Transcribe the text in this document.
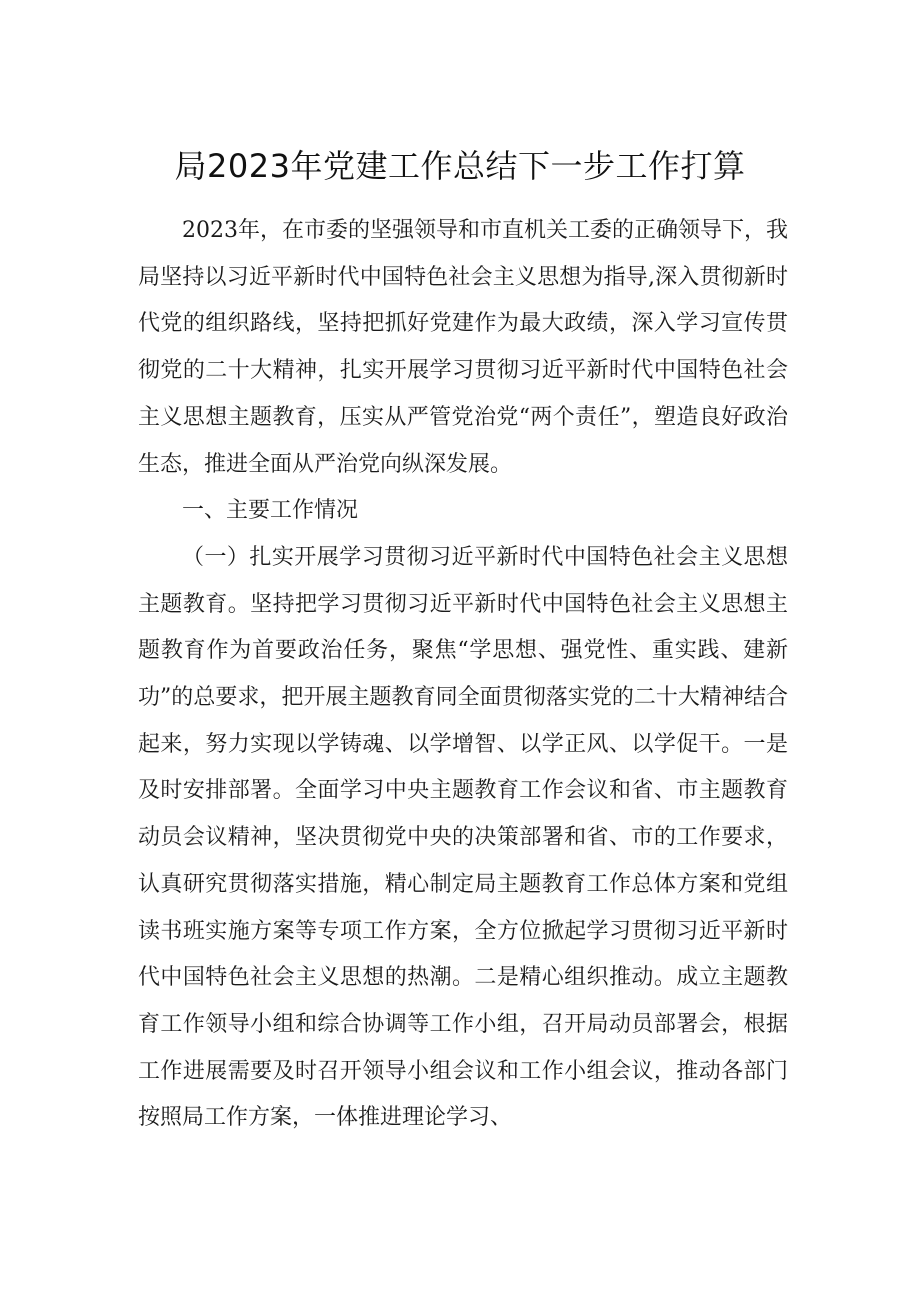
局2023年党建工作总结下一步工作打算

2023年，在市委的坚强领导和市直机关工委的正确领导下，我局坚持以习近平新时代中国特色社会主义思想为指导,深入贯彻新时代党的组织路线，坚持把抓好党建作为最大政绩，深入学习宣传贯彻党的二十大精神，扎实开展学习贯彻习近平新时代中国特色社会主义思想主题教育，压实从严管党治党“两个责任”，塑造良好政治生态，推进全面从严治党向纵深发展。

一、主要工作情况

（一）扎实开展学习贯彻习近平新时代中国特色社会主义思想主题教育。坚持把学习贯彻习近平新时代中国特色社会主义思想主题教育作为首要政治任务，聚焦“学思想、强党性、重实践、建新功”的总要求，把开展主题教育同全面贯彻落实党的二十大精神结合起来，努力实现以学铸魂、以学增智、以学正风、以学促干。一是及时安排部署。全面学习中央主题教育工作会议和省、市主题教育动员会议精神，坚决贯彻党中央的决策部署和省、市的工作要求，认真研究贯彻落实措施，精心制定局主题教育工作总体方案和党组读书班实施方案等专项工作方案，全方位掀起学习贯彻习近平新时代中国特色社会主义思想的热潮。二是精心组织推动。成立主题教育工作领导小组和综合协调等工作小组，召开局动员部署会，根据工作进展需要及时召开领导小组会议和工作小组会议，推动各部门按照局工作方案，一体推进理论学习、
